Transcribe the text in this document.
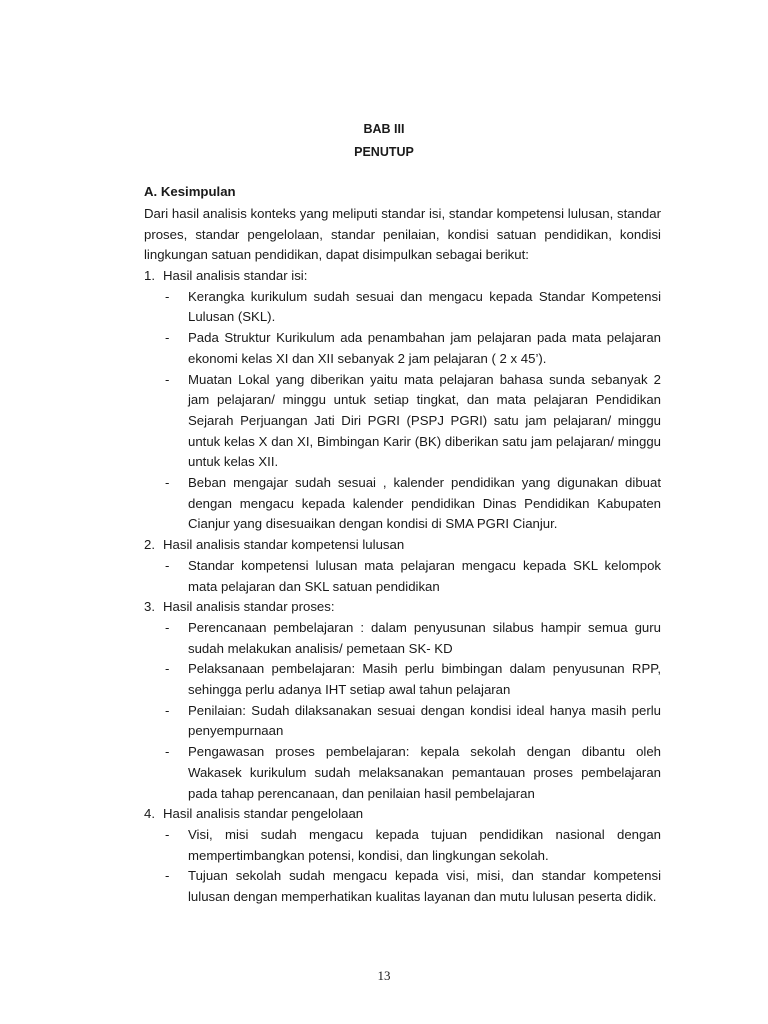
BAB III
PENUTUP
A. Kesimpulan

Dari hasil analisis konteks yang meliputi standar isi, standar kompetensi lulusan, standar proses, standar pengelolaan, standar penilaian, kondisi satuan pendidikan, kondisi lingkungan satuan pendidikan, dapat disimpulkan sebagai berikut:

1. Hasil analisis standar isi:
-	Kerangka kurikulum sudah sesuai dan mengacu kepada Standar Kompetensi Lulusan (SKL).
-	Pada Struktur Kurikulum ada penambahan jam pelajaran pada mata pelajaran ekonomi kelas XI dan XII sebanyak 2 jam pelajaran ( 2 x 45’).
-	Muatan Lokal yang diberikan yaitu mata pelajaran bahasa sunda sebanyak 2 jam pelajaran/ minggu untuk setiap tingkat, dan mata pelajaran Pendidikan Sejarah Perjuangan Jati Diri PGRI (PSPJ PGRI) satu jam pelajaran/ minggu untuk kelas X dan XI, Bimbingan Karir (BK) diberikan satu jam pelajaran/ minggu untuk kelas XII.
-	Beban mengajar sudah sesuai , kalender pendidikan yang digunakan dibuat dengan mengacu kepada kalender pendidikan Dinas Pendidikan Kabupaten Cianjur yang disesuaikan dengan kondisi di SMA PGRI Cianjur.
2. Hasil analisis standar kompetensi lulusan
-	Standar kompetensi lulusan mata pelajaran mengacu kepada SKL kelompok mata pelajaran dan SKL satuan pendidikan
3. Hasil analisis standar proses:
-	Perencanaan pembelajaran : dalam penyusunan silabus hampir semua guru sudah melakukan analisis/ pemetaan SK- KD
-	Pelaksanaan pembelajaran: Masih perlu bimbingan dalam penyusunan RPP, sehingga perlu adanya IHT setiap awal tahun pelajaran
-	Penilaian: Sudah dilaksanakan sesuai dengan kondisi ideal hanya masih perlu penyempurnaan
-	Pengawasan proses pembelajaran: kepala sekolah dengan dibantu oleh Wakasek kurikulum sudah melaksanakan pemantauan proses pembelajaran pada tahap perencanaan, dan penilaian hasil pembelajaran
4. Hasil analisis standar pengelolaan
-	Visi, misi sudah mengacu kepada tujuan pendidikan nasional dengan mempertimbangkan potensi, kondisi, dan lingkungan sekolah.
-	Tujuan sekolah sudah mengacu kepada visi, misi, dan standar kompetensi lulusan dengan memperhatikan kualitas layanan dan mutu lulusan peserta didik.
13
